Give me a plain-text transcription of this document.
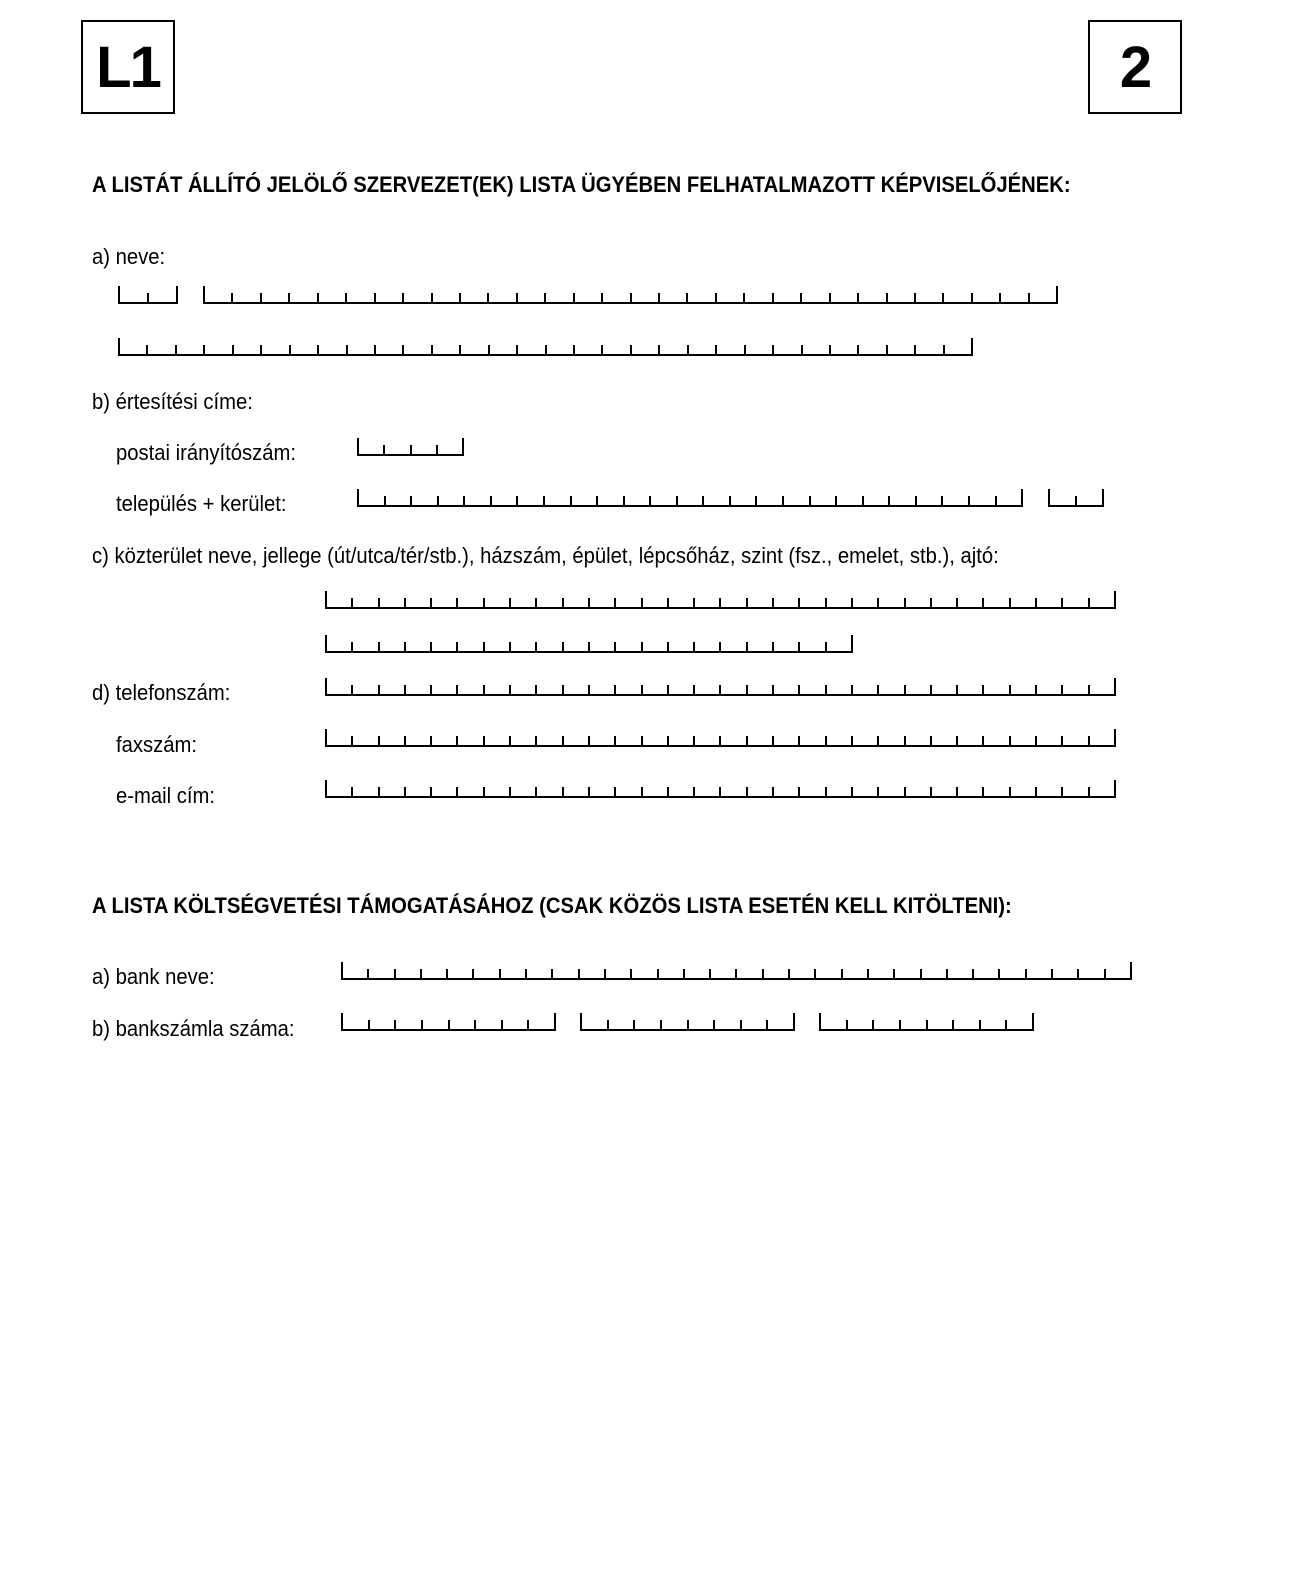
L1	2
A LISTÁT ÁLLÍTÓ JELÖLŐ SZERVEZET(EK) LISTA ÜGYÉBEN FELHATALMAZOTT KÉPVISELŐJÉNEK:
a) neve:
b) értesítési címe:
postai irányítószám:
település + kerület:
c) közterület neve, jellege (út/utca/tér/stb.), házszám, épület, lépcsőház, szint (fsz., emelet, stb.), ajtó:
d) telefonszám:
faxszám:
e-mail cím:
A LISTA KÖLTSÉGVETÉSI TÁMOGATÁSÁHOZ (CSAK KÖZÖS LISTA ESETÉN KELL KITÖLTENI):
a) bank neve:
b) bankszámla száma:
